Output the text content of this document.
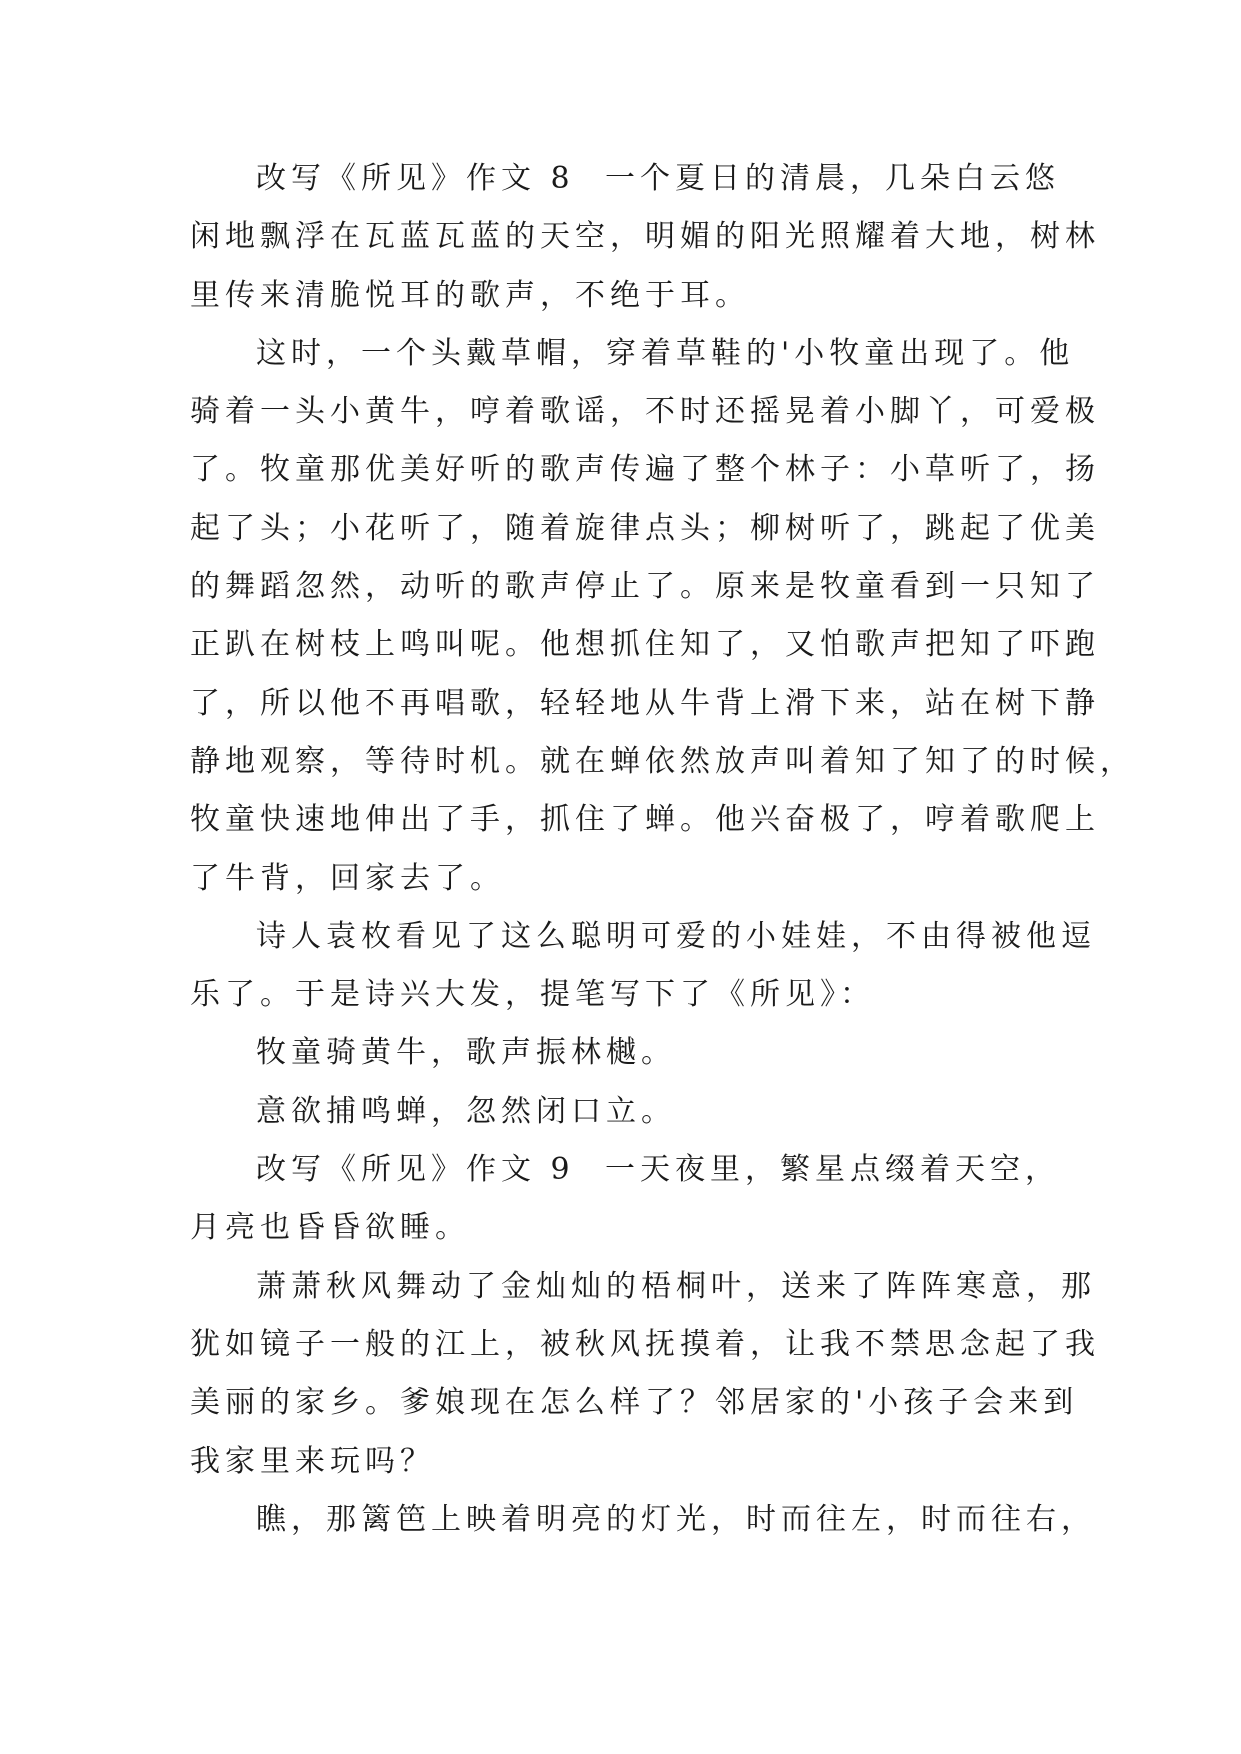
改写《所见》作文 8 一个夏日的清晨，几朵白云悠
闲地飘浮在瓦蓝瓦蓝的天空，明媚的阳光照耀着大地，树林
里传来清脆悦耳的歌声，不绝于耳。
这时，一个头戴草帽，穿着草鞋的'小牧童出现了。他
骑着一头小黄牛，哼着歌谣，不时还摇晃着小脚丫，可爱极
了。牧童那优美好听的歌声传遍了整个林子：小草听了，扬
起了头；小花听了，随着旋律点头；柳树听了，跳起了优美
的舞蹈忽然，动听的歌声停止了。原来是牧童看到一只知了
正趴在树枝上鸣叫呢。他想抓住知了，又怕歌声把知了吓跑
了，所以他不再唱歌，轻轻地从牛背上滑下来，站在树下静
静地观察，等待时机。就在蝉依然放声叫着知了知了的时候，
牧童快速地伸出了手，抓住了蝉。他兴奋极了，哼着歌爬上
了牛背，回家去了。
诗人袁枚看见了这么聪明可爱的小娃娃，不由得被他逗
乐了。于是诗兴大发，提笔写下了《所见》：
牧童骑黄牛，歌声振林樾。
意欲捕鸣蝉，忽然闭口立。
改写《所见》作文 9 一天夜里，繁星点缀着天空，
月亮也昏昏欲睡。
萧萧秋风舞动了金灿灿的梧桐叶，送来了阵阵寒意，那
犹如镜子一般的江上，被秋风抚摸着，让我不禁思念起了我
美丽的家乡。爹娘现在怎么样了？邻居家的'小孩子会来到
我家里来玩吗？
瞧，那篱笆上映着明亮的灯光，时而往左，时而往右，
